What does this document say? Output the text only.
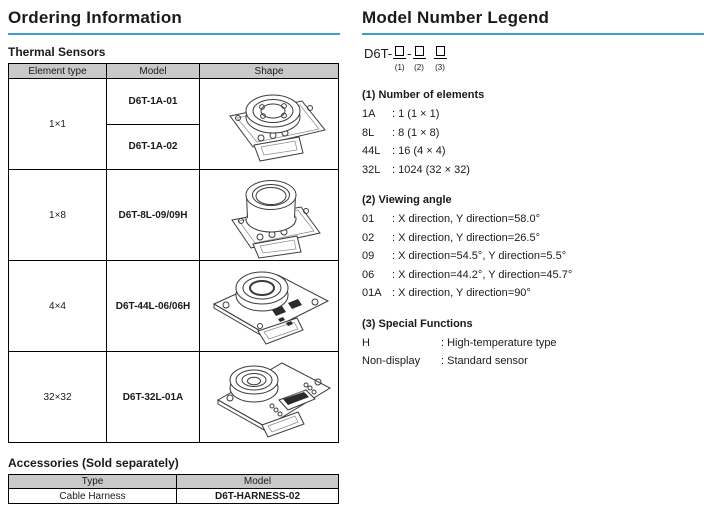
Ordering Information
Thermal Sensors
Element type	Model	Shape
1×1	D6T-1A-01	

	D6T-1A-02	
1×8	D6T-8L-09/09H	

4×4	D6T-44L-06/06H	

32×32	D6T-32L-01A	
Accessories (Sold separately)
Type	Model
Cable Harness	D6T-HARNESS-02
Model Number Legend
D6T-
(1)
-
(2) (3)
(1) Number of elements
1A	: 1 (1 × 1)
8L	: 8 (1 × 8)
44L	: 16 (4 × 4)
32L	: 1024 (32 × 32)
(2) Viewing angle
01	: X direction, Y direction=58.0°
02	: X direction, Y direction=26.5°
09	: X direction=54.5°, Y direction=5.5°
06	: X direction=44.2°, Y direction=45.7°
01A : X direction, Y direction=90°
(3) Special Functions
H	: High-temperature type
Non-display	: Standard sensor
